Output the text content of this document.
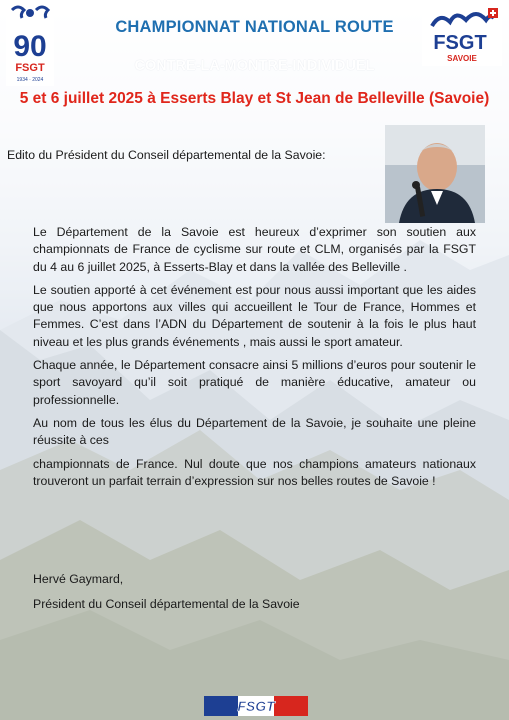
90
FSGT
1934 · 2024
FSGT
SAVOIE
CHAMPIONNAT NATIONAL ROUTE
CONTRE-LA-MONTRE-INDIVIDUEL
5 et 6 juillet 2025 à Esserts Blay et St Jean de Belleville (Savoie)
Edito du Président du Conseil départemental de la Savoie:

Le Département de la Savoie est heureux d’exprimer son soutien aux championnats de France de cyclisme sur route et CLM, organisés par la FSGT du 4 au 6 juillet 2025, à Esserts-Blay et dans la vallée des Belleville .

Le soutien apporté à cet événement est pour nous aussi important que les aides que nous apportons aux villes qui accueillent le Tour de France, Hommes et Femmes. C’est dans l’ADN du Département de soutenir à la fois le plus haut niveau et les plus grands événements , mais aussi le sport amateur.

Chaque année, le Département consacre ainsi 5 millions d’euros pour soutenir le sport savoyard qu’il soit pratiqué de manière éducative, amateur ou professionnelle.

Au nom de tous les élus du Département de la Savoie, je souhaite une pleine réussite à ces

championnats de France. Nul doute que nos champions amateurs nationaux trouveront un parfait terrain d’expression sur nos belles routes de Savoie !

Hervé Gaymard,
Président du Conseil départemental de la Savoie
FSGT
